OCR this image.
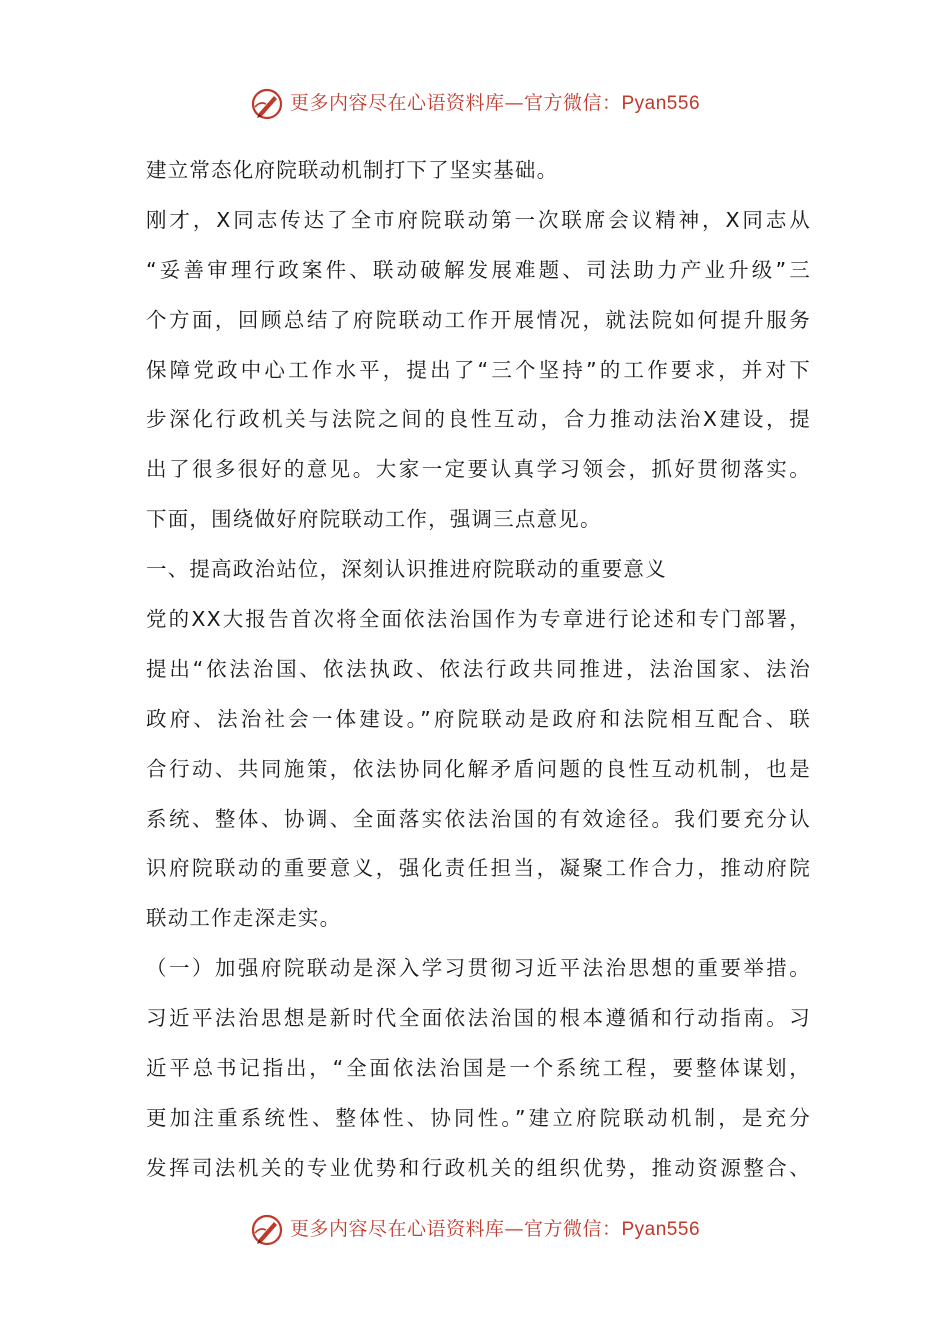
更多内容尽在心语资料库—官方微信：Pyan556
建立常态化府院联动机制打下了坚实基础。
刚才，X同志传达了全市府院联动第一次联席会议精神，X同志从
“妥善审理行政案件、联动破解发展难题、司法助力产业升级”三
个方面，回顾总结了府院联动工作开展情况，就法院如何提升服务
保障党政中心工作水平，提出了“三个坚持”的工作要求，并对下
步深化行政机关与法院之间的良性互动，合力推动法治X建设，提
出了很多很好的意见。大家一定要认真学习领会，抓好贯彻落实。
下面，围绕做好府院联动工作，强调三点意见。
一、提高政治站位，深刻认识推进府院联动的重要意义
党的XX大报告首次将全面依法治国作为专章进行论述和专门部署，
提出“依法治国、依法执政、依法行政共同推进，法治国家、法治
政府、法治社会一体建设。”府院联动是政府和法院相互配合、联
合行动、共同施策，依法协同化解矛盾问题的良性互动机制，也是
系统、整体、协调、全面落实依法治国的有效途径。我们要充分认
识府院联动的重要意义，强化责任担当，凝聚工作合力，推动府院
联动工作走深走实。
（一）加强府院联动是深入学习贯彻习近平法治思想的重要举措。
习近平法治思想是新时代全面依法治国的根本遵循和行动指南。习
近平总书记指出，“全面依法治国是一个系统工程，要整体谋划，
更加注重系统性、整体性、协同性。”建立府院联动机制，是充分
发挥司法机关的专业优势和行政机关的组织优势，推动资源整合、
更多内容尽在心语资料库—官方微信：Pyan556
